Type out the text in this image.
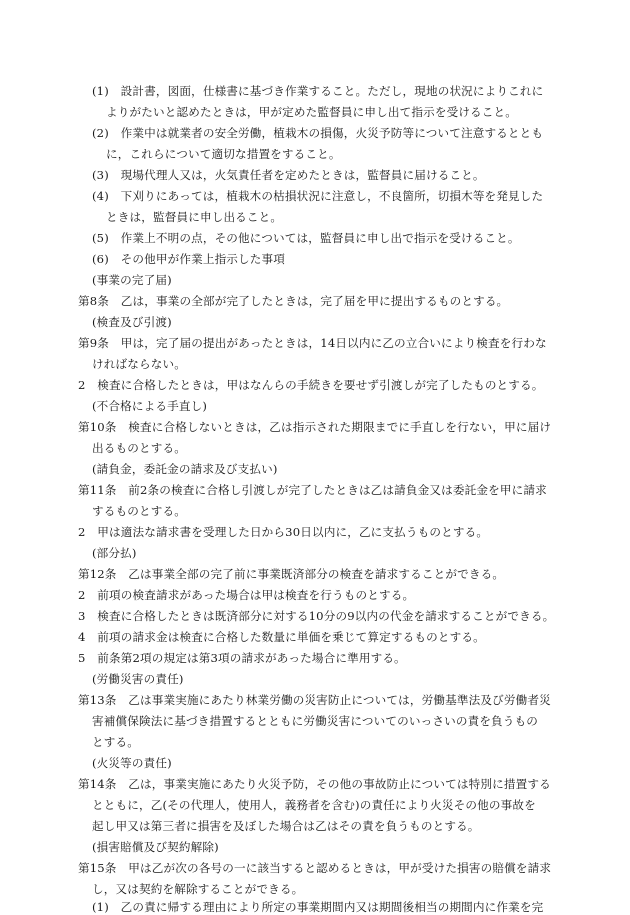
(1)　設計書，図面，仕様書に基づき作業すること。ただし，現地の状況によりこれに
よりがたいと認めたときは，甲が定めた監督員に申し出て指示を受けること。
(2)　作業中は就業者の安全労働，植栽木の損傷，火災予防等について注意するととも
に，これらについて適切な措置をすること。
(3)　現場代理人又は，火気責任者を定めたときは，監督員に届けること。
(4)　下刈りにあっては，植栽木の枯損状況に注意し，不良箇所，切損木等を発見した
ときは，監督員に申し出ること。
(5)　作業上不明の点，その他については，監督員に申し出で指示を受けること。
(6)　その他甲が作業上指示した事項
(事業の完了届)
第8条　乙は，事業の全部が完了したときは，完了届を甲に提出するものとする。
(検査及び引渡)
第9条　甲は，完了届の提出があったときは，14日以内に乙の立合いにより検査を行わな
ければならない。
2　検査に合格したときは，甲はなんらの手続きを要せず引渡しが完了したものとする。
(不合格による手直し)
第10条　検査に合格しないときは，乙は指示された期限までに手直しを行ない，甲に届け
出るものとする。
(請負金，委託金の請求及び支払い)
第11条　前2条の検査に合格し引渡しが完了したときは乙は請負金又は委託金を甲に請求
するものとする。
2　甲は適法な請求書を受理した日から30日以内に，乙に支払うものとする。
(部分払)
第12条　乙は事業全部の完了前に事業既済部分の検査を請求することができる。
2　前項の検査請求があった場合は甲は検査を行うものとする。
3　検査に合格したときは既済部分に対する10分の9以内の代金を請求することができる。
4　前項の請求金は検査に合格した数量に単価を乗じて算定するものとする。
5　前条第2項の規定は第3項の請求があった場合に準用する。
(労働災害の責任)
第13条　乙は事業実施にあたり林業労働の災害防止については，労働基準法及び労働者災
害補償保険法に基づき措置するとともに労働災害についてのいっさいの責を負うもの
とする。
(火災等の責任)
第14条　乙は，事業実施にあたり火災予防，その他の事故防止については特別に措置する
とともに，乙(その代理人，使用人，義務者を含む)の責任により火災その他の事故を
起し甲又は第三者に損害を及ぼした場合は乙はその責を負うものとする。
(損害賠償及び契約解除)
第15条　甲は乙が次の各号の一に該当すると認めるときは，甲が受けた損害の賠償を請求
し，又は契約を解除することができる。
(1)　乙の責に帰する理由により所定の事業期間内又は期間後相当の期間内に作業を完
